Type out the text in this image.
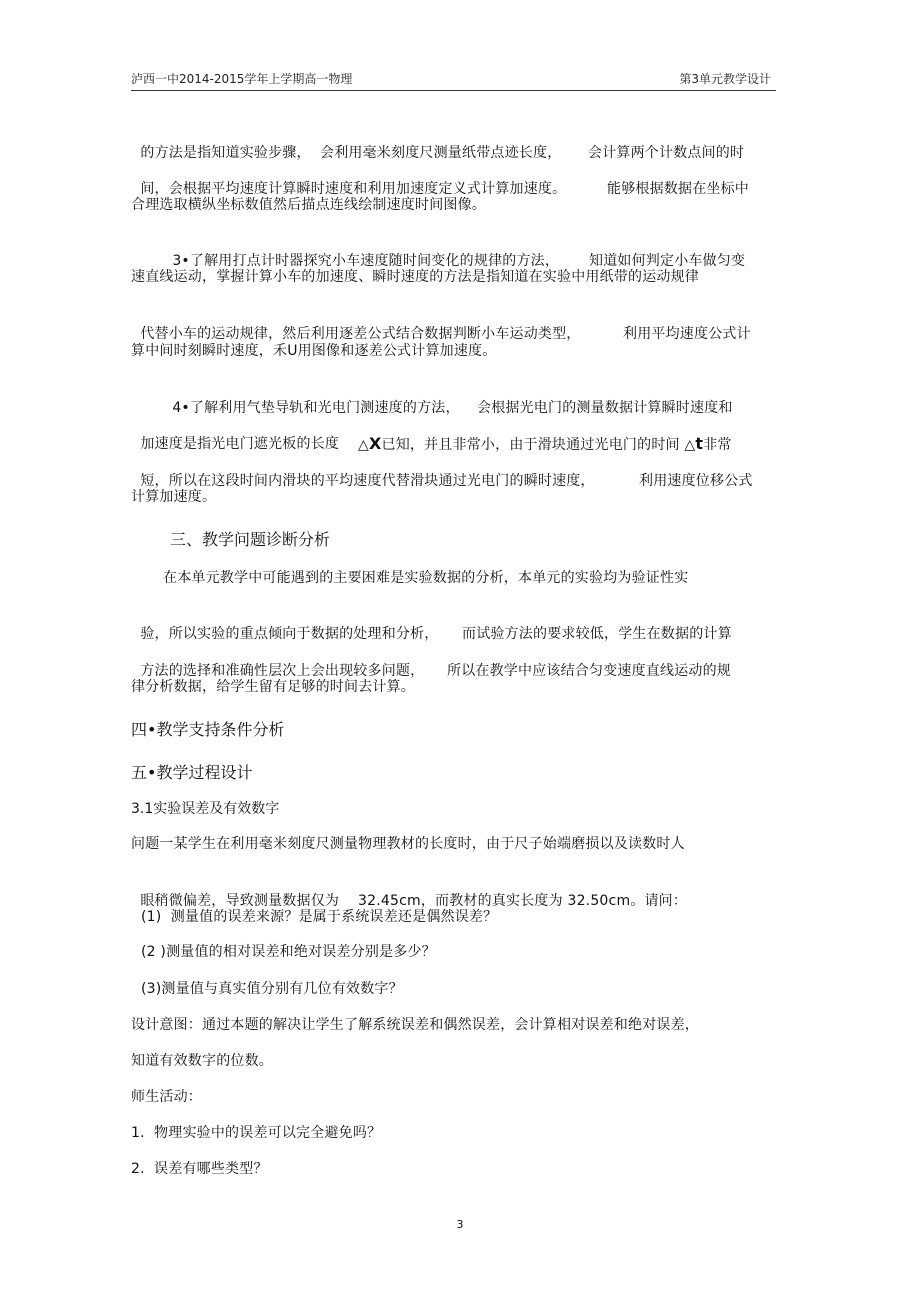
泸西一中2014-2015学年上学期高一物理	第3单元教学设计

的方法是指知道实验步骤，  会利用毫米刻度尺测量纸带点迹长度， 会计算两个计数点间的时

间，会根据平均速度计算瞬时速度和利用加速度定义式计算加速度。	能够根据数据在坐标中

合理选取横纵坐标数值然后描点连线绘制速度时间图像。

3•了解用打点计时器探究小车速度随时间变化的规律的方法， 知道如何判定小车做匀变

速直线运动，掌握计算小车的加速度、瞬时速度的方法是指知道在实验中用纸带的运动规律

代替小车的运动规律，然后利用逐差公式结合数据判断小车运动类型，	利用平均速度公式计

算中间时刻瞬时速度，禾U用图像和逐差公式计算加速度。

4•了解利用气垫导轨和光电门测速度的方法， 会根据光电门的测量数据计算瞬时速度和

加速度是指光电门遮光板的长度 △X已知，并且非常小，由于滑块通过光电门的时间 △t非常

短，所以在这段时间内滑块的平均速度代替滑块通过光电门的瞬时速度，	利用速度位移公式

计算加速度。
三、教学问题诊断分析
在本单元教学中可能遇到的主要困难是实验数据的分析，本单元的实验均为验证性实

验，所以实验的重点倾向于数据的处理和分析， 而试验方法的要求较低，学生在数据的计算

方法的选择和准确性层次上会出现较多问题， 所以在教学中应该结合匀变速度直线运动的规

律分析数据，给学生留有足够的时间去计算。
四•教学支持条件分析
五•教学过程设计
3.1实验误差及有效数字
问题一某学生在利用毫米刻度尺测量物理教材的长度时，由于尺子始端磨损以及读数时人

眼稍微偏差，导致测量数据仅为 32.45cm，而教材的真实长度为 32.50cm。请问：

(1)  测量值的误差来源？是属于系统误差还是偶然误差？
(2 )测量值的相对误差和绝对误差分别是多少？
(3)测量值与真实值分别有几位有效数字？
设计意图：通过本题的解决让学生了解系统误差和偶然误差，会计算相对误差和绝对误差，
知道有效数字的位数。
师生活动：
1.  物理实验中的误差可以完全避免吗？
2.  误差有哪些类型？
3
